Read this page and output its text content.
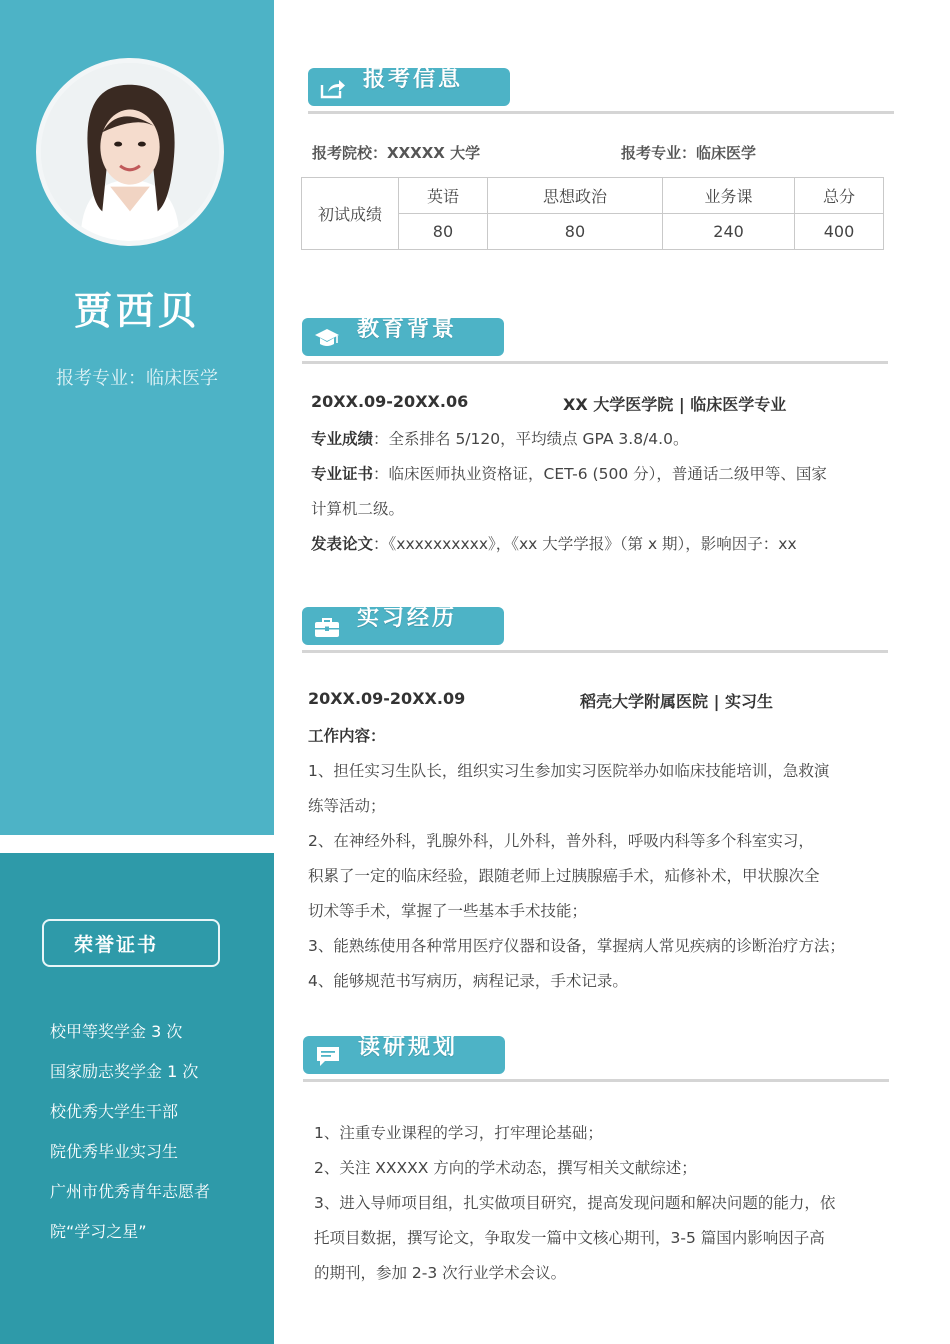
贾西贝
报考专业：临床医学
荣誉证书
校甲等奖学金 3 次
国家励志奖学金 1 次
校优秀大学生干部
院优秀毕业实习生
广州市优秀青年志愿者
院“学习之星”
报考信息
报考院校：XXXXX 大学	报考专业：临床医学
初试成绩	英语	思想政治	业务课	总分
	80	80	240	400
教育背景
20XX.09-20XX.06	XX 大学医学院 | 临床医学专业
专业成绩：全系排名 5/120，平均绩点 GPA 3.8/4.0。
专业证书：临床医师执业资格证，CET-6 (500 分），普通话二级甲等、国家
计算机二级。
发表论文：《xxxxxxxxxx》，《xx 大学学报》（第 x 期），影响因子：xx
实习经历
20XX.09-20XX.09	稻壳大学附属医院 | 实习生
工作内容：
1、担任实习生队长，组织实习生参加实习医院举办如临床技能培训，急救演
练等活动；
2、在神经外科，乳腺外科，儿外科，普外科，呼吸内科等多个科室实习，
积累了一定的临床经验，跟随老师上过胰腺癌手术，疝修补术，甲状腺次全
切术等手术，掌握了一些基本手术技能；
3、能熟练使用各种常用医疗仪器和设备，掌握病人常见疾病的诊断治疗方法；
4、能够规范书写病历，病程记录，手术记录。
读研规划
1、注重专业课程的学习，打牢理论基础；
2、关注 XXXXX 方向的学术动态，撰写相关文献综述；
3、进入导师项目组，扎实做项目研究，提高发现问题和解决问题的能力，依
托项目数据，撰写论文，争取发一篇中文核心期刊，3-5 篇国内影响因子高
的期刊，参加 2-3 次行业学术会议。
